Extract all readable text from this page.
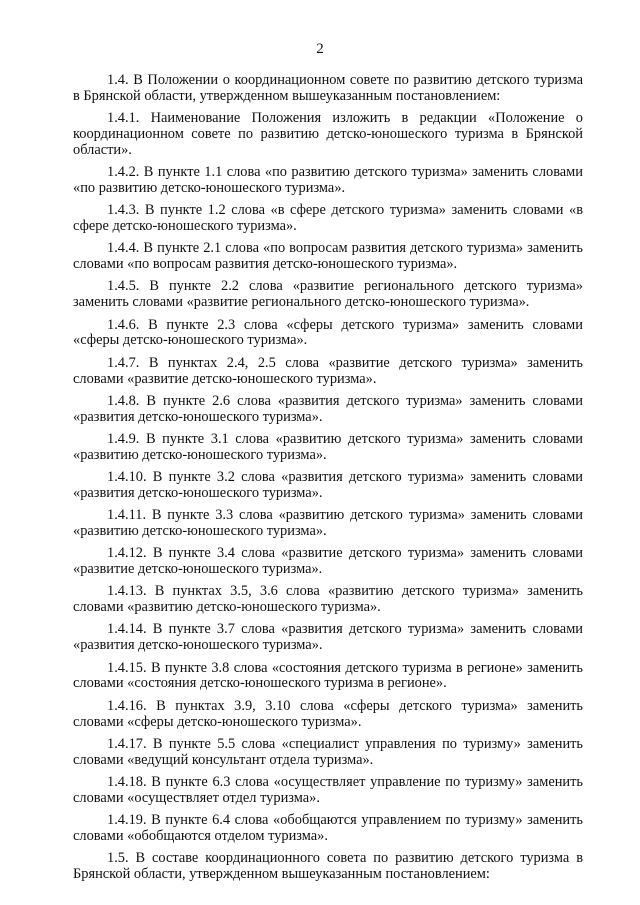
2

1.4. В Положении о координационном совете по развитию детского туризма в Брянской области, утвержденном вышеуказанным постановлением:

1.4.1. Наименование Положения изложить в редакции «Положение о координационном совете по развитию детско-юношеского туризма в Брянской области».

1.4.2. В пункте 1.1 слова «по развитию детского туризма» заменить словами «по развитию детско-юношеского туризма».

1.4.3. В пункте 1.2 слова «в сфере детского туризма» заменить словами «в сфере детско-юношеского туризма».

1.4.4. В пункте 2.1 слова «по вопросам развития детского туризма» заменить словами «по вопросам развития детско-юношеского туризма».

1.4.5. В пункте 2.2 слова «развитие регионального детского туризма» заменить словами «развитие регионального детско-юношеского туризма».

1.4.6. В пункте 2.3 слова «сферы детского туризма» заменить словами «сферы детско-юношеского туризма».

1.4.7. В пунктах 2.4, 2.5 слова «развитие детского туризма» заменить словами «развитие детско-юношеского туризма».

1.4.8. В пункте 2.6 слова «развития детского туризма» заменить словами «развития детско-юношеского туризма».

1.4.9. В пункте 3.1 слова «развитию детского туризма» заменить словами «развитию детско-юношеского туризма».

1.4.10. В пункте 3.2 слова «развития детского туризма» заменить словами «развития детско-юношеского туризма».

1.4.11. В пункте 3.3 слова «развитию детского туризма» заменить словами «развитию детско-юношеского туризма».

1.4.12. В пункте 3.4 слова «развитие детского туризма» заменить словами «развитие детско-юношеского туризма».

1.4.13. В пунктах 3.5, 3.6 слова «развитию детского туризма» заменить словами «развитию детско-юношеского туризма».

1.4.14. В пункте 3.7 слова «развития детского туризма» заменить словами «развития детско-юношеского туризма».

1.4.15. В пункте 3.8 слова «состояния детского туризма в регионе» заменить словами «состояния детско-юношеского туризма в регионе».

1.4.16. В пунктах 3.9, 3.10 слова «сферы детского туризма» заменить словами «сферы детско-юношеского туризма».

1.4.17. В пункте 5.5 слова «специалист управления по туризму» заменить словами «ведущий консультант отдела туризма».

1.4.18. В пункте 6.3 слова «осуществляет управление по туризму» заменить словами «осуществляет отдел туризма».

1.4.19. В пункте 6.4 слова «обобщаются управлением по туризму» заменить словами «обобщаются отделом туризма».

1.5. В составе координационного совета по развитию детского туризма в Брянской области, утвержденном вышеуказанным постановлением:
